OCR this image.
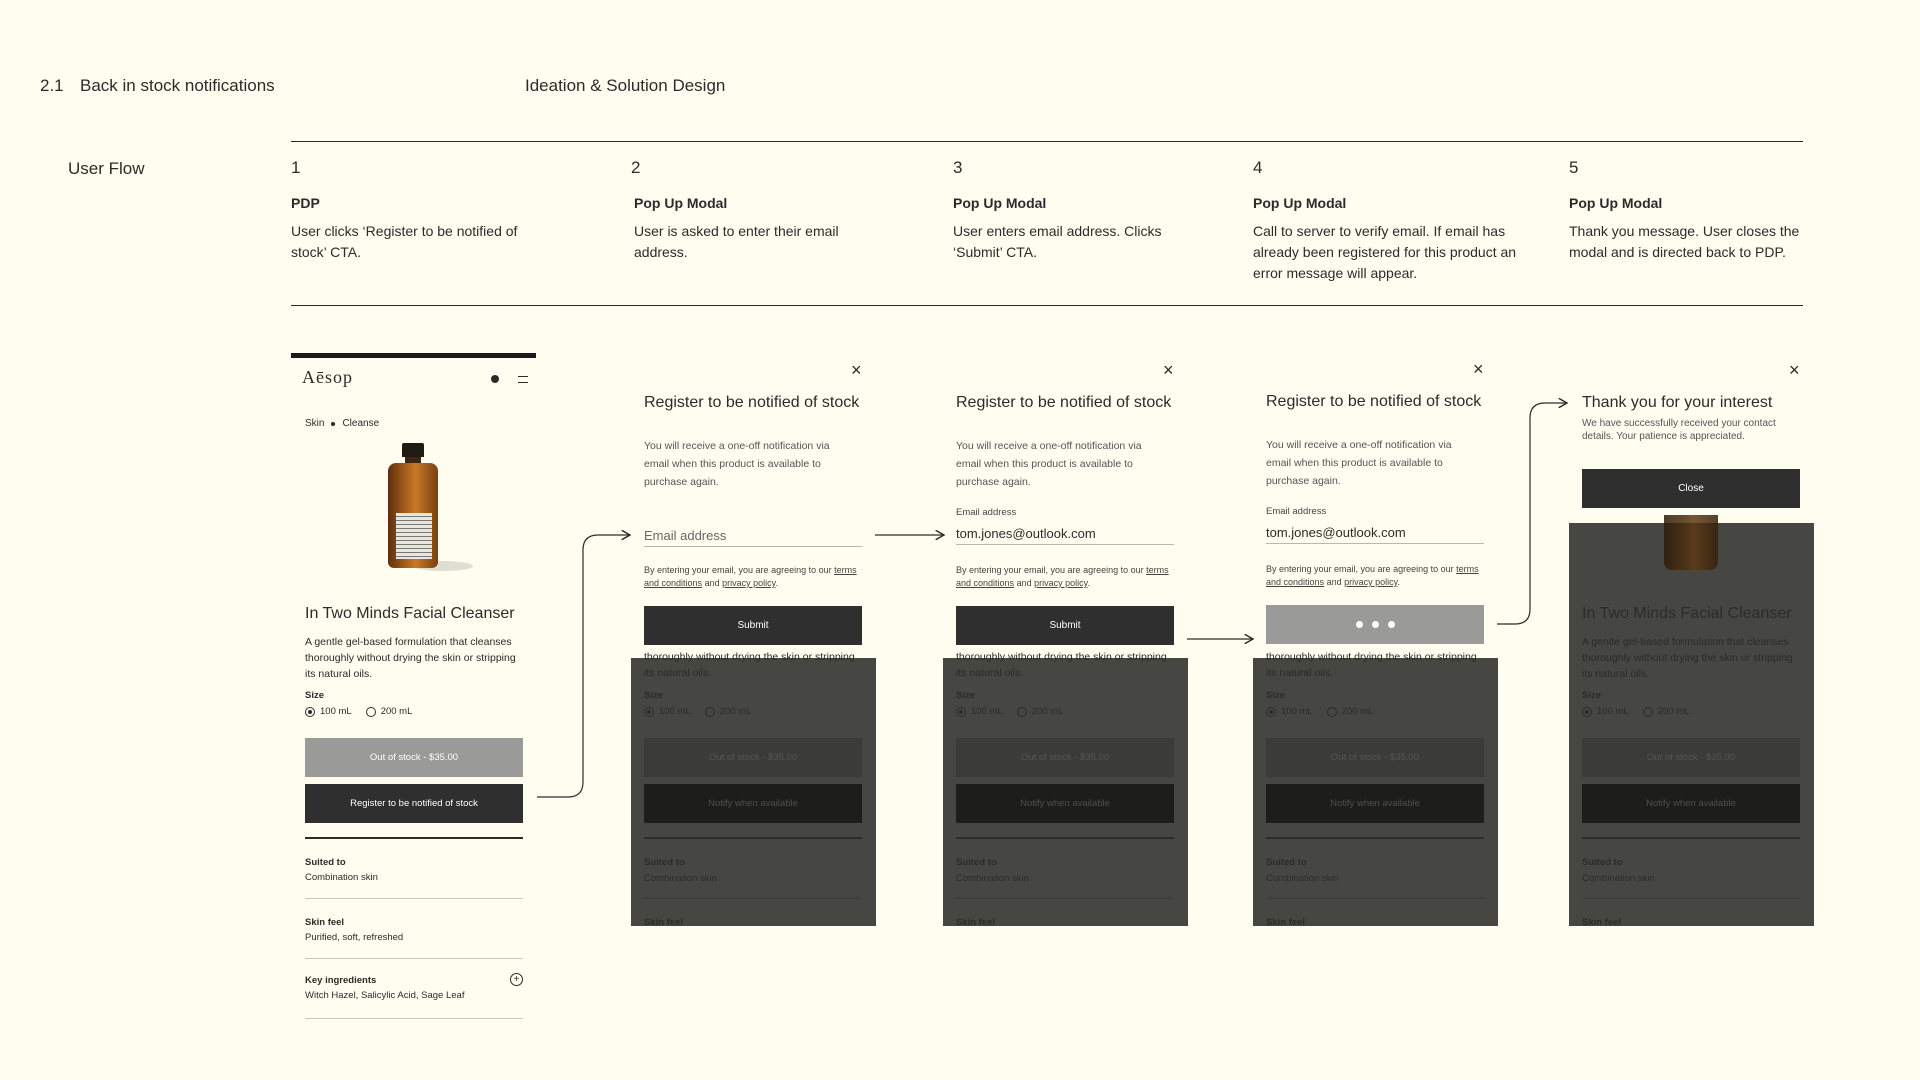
2.1 Back in stock notifications	Ideation & Solution Design
User Flow	1
PDP
User clicks ‘Register to be notified of stock’ CTA.
2
Pop Up Modal
User is asked to enter their email address.
3
Pop Up Modal
User enters email address. Clicks ‘Submit’ CTA.
4
Pop Up Modal
Call to server to verify email. If email has already been registered for this product an error message will appear.
5
Pop Up Modal
Thank you message. User closes the modal and is directed back to PDP.
Aēsop
Skin Cleanse
In Two Minds Facial Cleanser
A gentle gel-based formulation that cleanses thoroughly without drying the skin or stripping its natural oils.
Size
100 mL	200 mL
Out of stock - $35.00
Register to be notified of stock
Suited to
Combination skin
Skin feel
Purified, soft, refreshed
Key ingredients
Witch Hazel, Salicylic Acid, Sage Leaf
+
thoroughly without drying the skin or stripping
its natural oils.
Size
100 mL	200 mL
Out of stock - $35.00
Notify when available
Suited to
Combination skin
Skin feel
thoroughly without drying the skin or stripping
its natural oils.
Size
100 mL	200 mL
Out of stock - $35.00
Notify when available
Suited to
Combination skin
Skin feel
thoroughly without drying the skin or stripping
its natural oils.
Size
100 mL	200 mL
Out of stock - $35.00
Notify when available
Suited to
Combination skin
Skin feel
In Two Minds Facial Cleanser
A gentle gel-based formulation that cleanses thoroughly without drying the skin or stripping its natural oils.
Size
100 mL	200 mL
Out of stock - $35.00
Notify when available
Suited to
Combination skin
Skin feel
×
Register to be notified of stock
You will receive a one-off notification via email when this product is available to purchase again.
Email address
By entering your email, you are agreeing to our terms and conditions and privacy policy.
Submit
×
Register to be notified of stock
You will receive a one-off notification via email when this product is available to purchase again.
Email address
tom.jones@outlook.com
By entering your email, you are agreeing to our terms and conditions and privacy policy.
Submit
×
Register to be notified of stock
You will receive a one-off notification via email when this product is available to purchase again.
Email address
tom.jones@outlook.com
By entering your email, you are agreeing to our terms and conditions and privacy policy.
×
Thank you for your interest
We have successfully received your contact details. Your patience is appreciated.
Close
